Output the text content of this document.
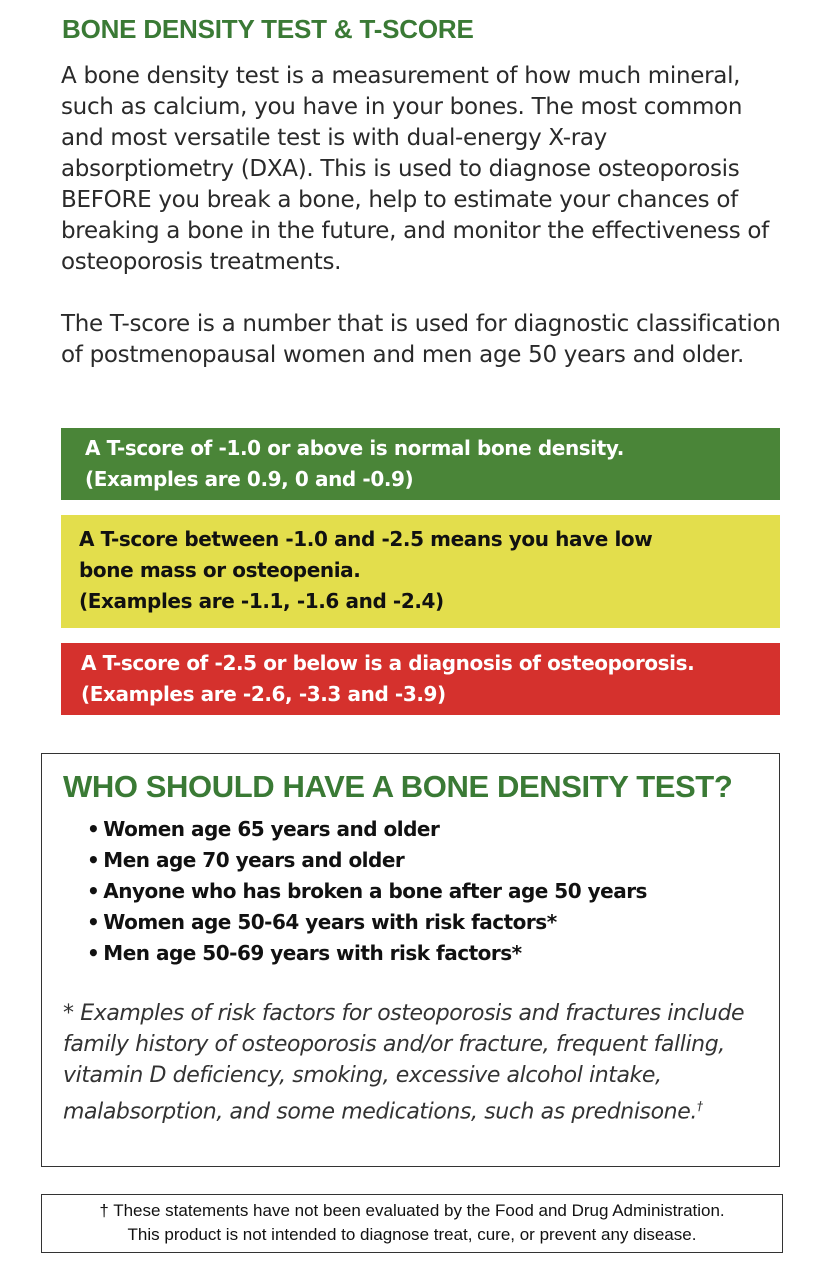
BONE DENSITY TEST & T-SCORE

A bone density test is a measurement of how much mineral, such as calcium, you have in your bones. The most common and most versatile test is with dual-energy X-ray absorptiometry (DXA). This is used to diagnose osteoporosis BEFORE you break a bone, help to estimate your chances of breaking a bone in the future, and monitor the effectiveness of osteoporosis treatments.

The T-score is a number that is used for diagnostic classification of postmenopausal women and men age 50 years and older.

A T-score of -1.0 or above is normal bone density.

(Examples are 0.9, 0 and -0.9)

A T-score between -1.0 and -2.5 means you have low

bone mass or osteopenia.

(Examples are -1.1, -1.6 and -2.4)

A T-score of -2.5 or below is a diagnosis of osteoporosis.

(Examples are -2.6, -3.3 and -3.9)

WHO SHOULD HAVE A BONE DENSITY TEST?
• Women age 65 years and older
• Men age 70 years and older
• Anyone who has broken a bone after age 50 years
• Women age 50-64 years with risk factors*
• Men age 50-69 years with risk factors*

* Examples of risk factors for osteoporosis and fractures include family history of osteoporosis and/or fracture, frequent falling, vitamin D deficiency, smoking, excessive alcohol intake, malabsorption, and some medications, such as prednisone.†

† These statements have not been evaluated by the Food and Drug Administration.

This product is not intended to diagnose treat, cure, or prevent any disease.
